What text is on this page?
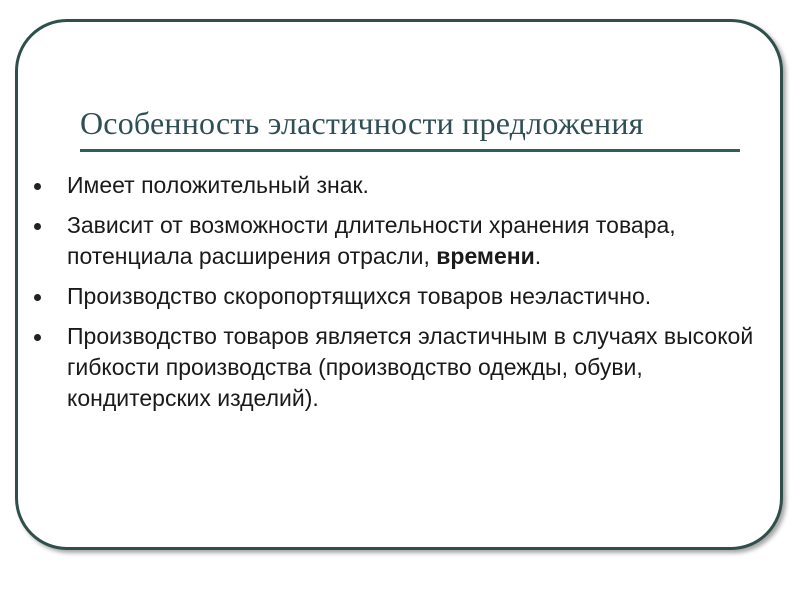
Особенность эластичности предложения
Имеет положительный знак.
Зависит от возможности длительности хранения товара, потенциала расширения отрасли, времени.
Производство скоропортящихся товаров неэластично.
Производство товаров является эластичным в случаях высокой гибкости производства (производство одежды, обуви, кондитерских изделий).
